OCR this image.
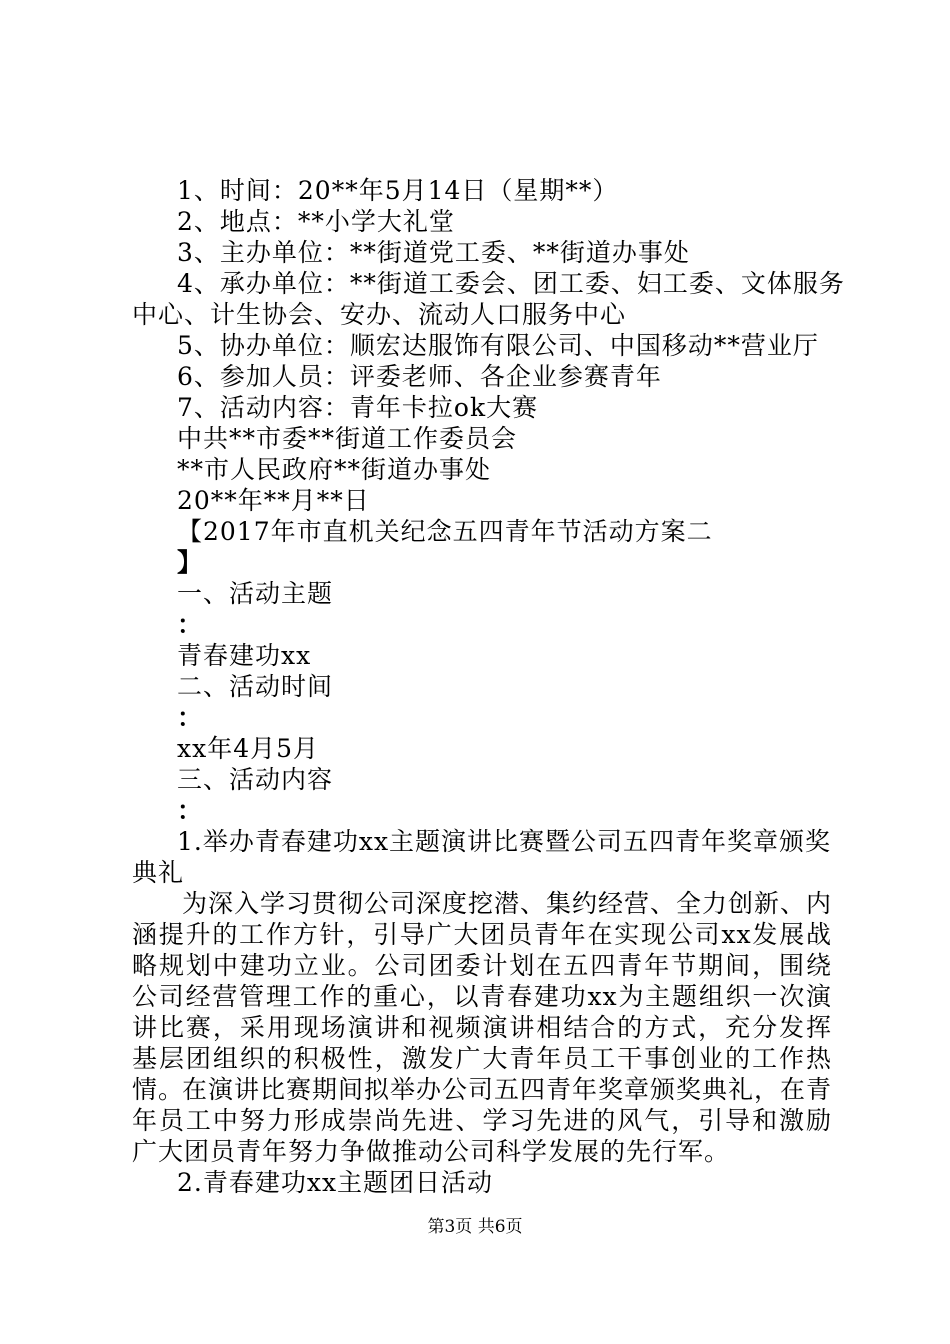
1、时间：20**年5月14日（星期**）
2、地点：**小学大礼堂
3、主办单位：**街道党工委、**街道办事处
4、承办单位：**街道工委会、团工委、妇工委、文体服务
中心、计生协会、安办、流动人口服务中心
5、协办单位：顺宏达服饰有限公司、中国移动**营业厅
6、参加人员：评委老师、各企业参赛青年
7、活动内容：青年卡拉ok大赛
中共**市委**街道工作委员会
**市人民政府**街道办事处
20**年**月**日
【2017年市直机关纪念五四青年节活动方案二
】
一、活动主题
：
青春建功xx
二、活动时间
：
xx年4月5月
三、活动内容
：
1.举办青春建功xx主题演讲比赛暨公司五四青年奖章颁奖
典礼

为深入学习贯彻公司深度挖潜、集约经营、全力创新、内涵提升的工作方针，引导广大团员青年在实现公司xx发展战略规划中建功立业。公司团委计划在五四青年节期间，围绕公司经营管理工作的重心，以青春建功xx为主题组织一次演讲比赛，采用现场演讲和视频演讲相结合的方式，充分发挥基层团组织的积极性，激发广大青年员工干事创业的工作热情。

在演讲比赛期间拟举办公司五四青年奖章颁奖典礼，在青年员工中努力形成崇尚先进、学习先进的风气，引导和激励广大团员青年努力争做推动公司科学发展的先行军。

2.青春建功xx主题团日活动
第3页 共6页
